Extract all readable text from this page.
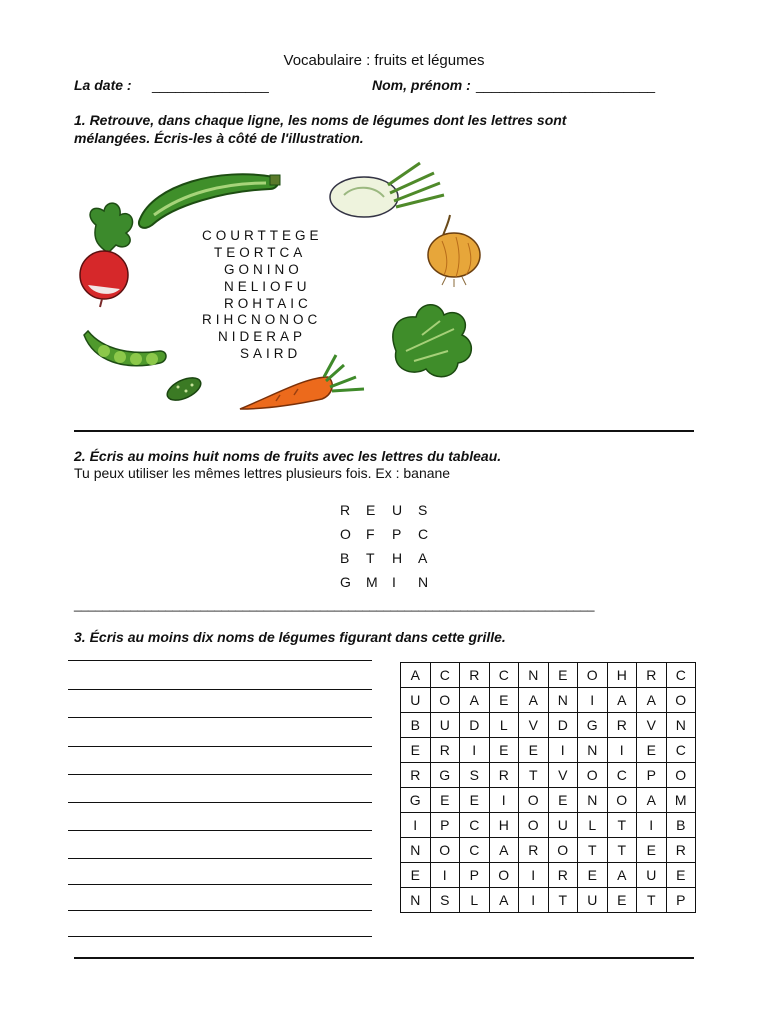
Vocabulaire : fruits et légumes
La date : _______________	Nom, prénom : _______________________
1. Retrouve, dans chaque ligne, les noms de légumes dont les lettres sont
mélangées. Écris-les à côté de l'illustration.
COURTTEGE
TEORTCA
GONINO
NELIOFU
ROHTAIC
RIHCNONOC
NIDERAP
SAIRD
2. Écris au moins huit noms de fruits avec les lettres du tableau.
Tu peux utiliser les mêmes lettres plusieurs fois. Ex : banane
R	E	U	S
O	F	P	C
B	T	H	A
G	M	I	N
__________________________________________________________________________
3. Écris au moins dix noms de légumes figurant dans cette grille.
A	C	R	C	N	E	O	H	R	C
U	O	A	E	A	N	I	A	A	O
B	U	D	L	V	D	G	R	V	N
E	R	I	E	E	I	N	I	E	C
R	G	S	R	T	V	O	C	P	O
G	E	E	I	O	E	N	O	A	M
I	P	C	H	O	U	L	T	I	B
N	O	C	A	R	O	T	T	E	R
E	I	P	O	I	R	E	A	U	E
N	S	L	A	I	T	U	E	T	P
